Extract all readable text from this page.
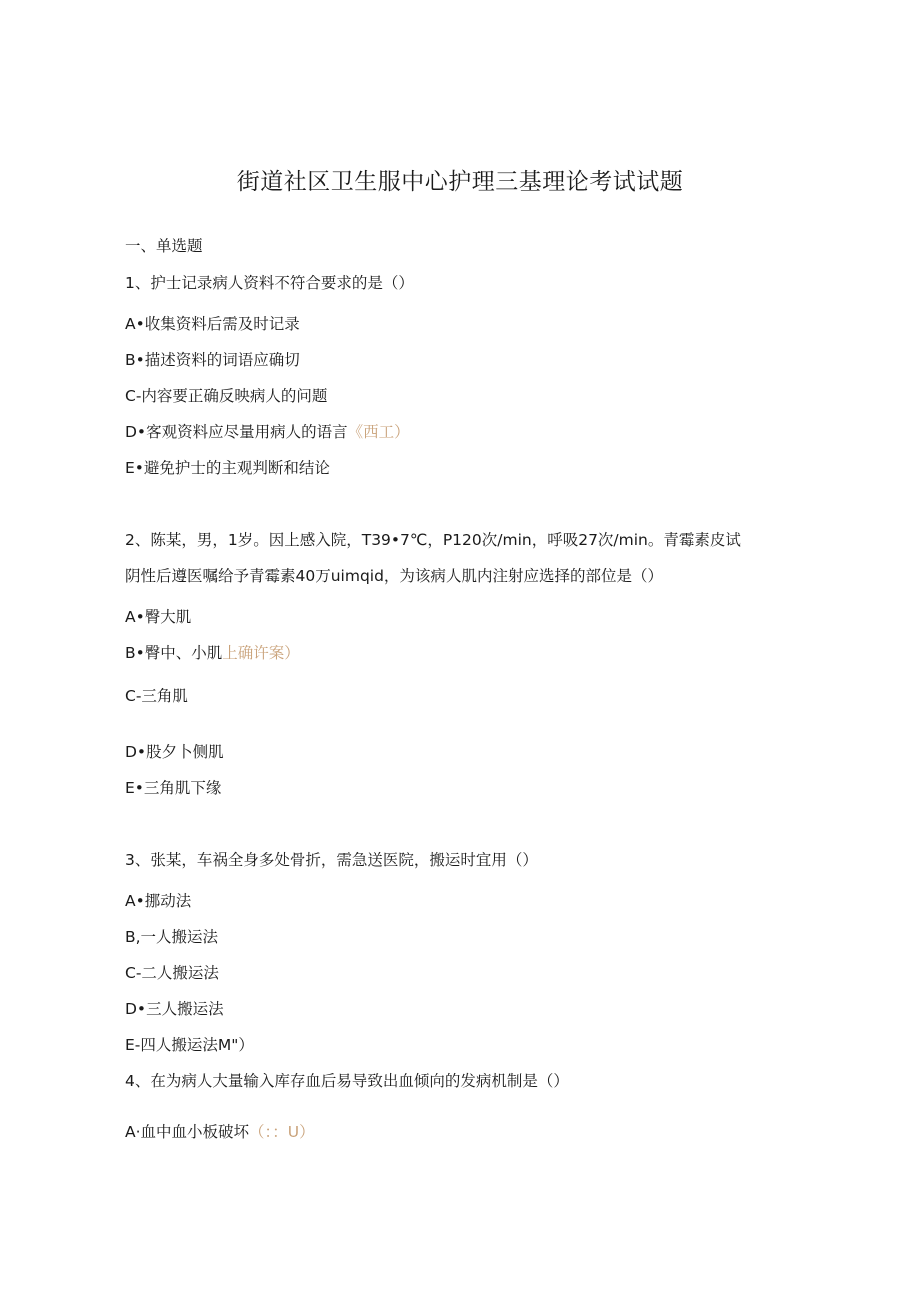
街道社区卫生服中心护理三基理论考试试题
一、单选题
1、护士记录病人资料不符合要求的是（）
A•收集资料后需及时记录
B•描述资料的词语应确切
C-内容要正确反映病人的问题
D•客观资料应尽量用病人的语言《西工）
E•避免护士的主观判断和结论
2、陈某，男，1岁。因上感入院，T39•7℃，P120次/min，呼吸27次/min。青霉素皮试
阴性后遵医嘱给予青霉素40万uimqid，为该病人肌内注射应选择的部位是（）
A•臀大肌
B•臀中、小肌上确许案）
C-三角肌
D•股夕卜侧肌
E•三角肌下缘
3、张某，车祸全身多处骨折，需急送医院，搬运时宜用（）
A•挪动法
B,一人搬运法
C-二人搬运法
D•三人搬运法
E-四人搬运法M"）
4、在为病人大量输入库存血后易导致出血倾向的发病机制是（）
A·血中血小板破坏（：：U）
